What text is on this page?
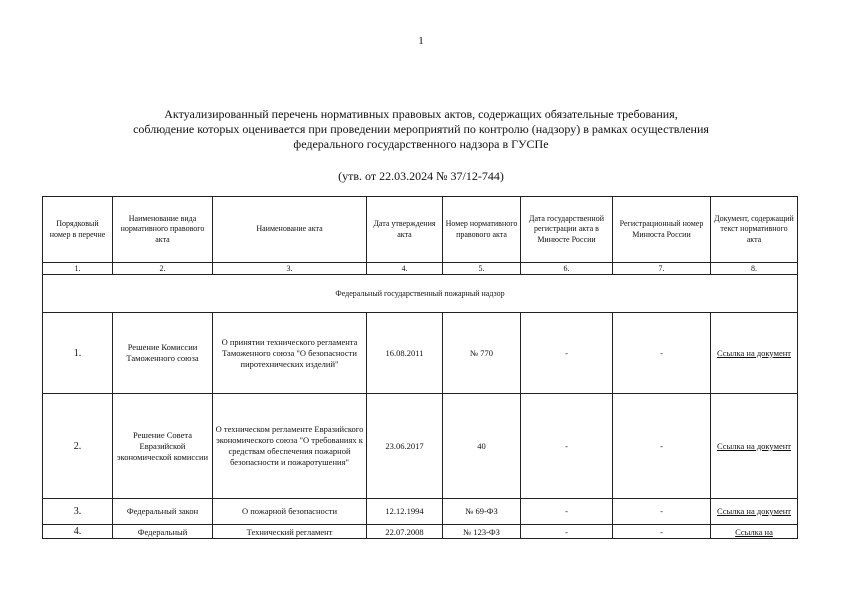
1
Актуализированный перечень нормативных правовых актов, содержащих обязательные требования,
соблюдение которых оценивается при проведении мероприятий по контролю (надзору) в рамках осуществления
федерального государственного надзора в ГУСПе
(утв. от 22.03.2024 № 37/12-744)
Порядковый номер в перечне	Наименование вида нормативного правового акта	Наименование акта	Дата утверждения акта	Номер нормативного правового акта	Дата государственной регистрации акта в Минюсте России	Регистрационный номер Минюста России	Документ, содержащий текст нормативного акта
1.	2.	3.	4.	5.	6.	7.	8.
Федеральный государственный пожарный надзор							
1.	Решение Комиссии Таможенного союза	О принятии технического регламента Таможенного союза "О безопасности пиротехнических изделий"	16.08.2011	№ 770	-	-	Ссылка на документ
2.	Решение Совета Евразийской экономической комиссии	О техническом регламенте Евразийского экономического союза "О требованиях к средствам обеспечения пожарной безопасности и пожаротушения"	23.06.2017	40	-	-	Ссылка на документ
3.	Федеральный закон	О пожарной безопасности	12.12.1994	№ 69-ФЗ	-	-	Ссылка на документ
4.	Федеральный	Технический регламент	22.07.2008	№ 123-ФЗ	-	-	Ссылка на
